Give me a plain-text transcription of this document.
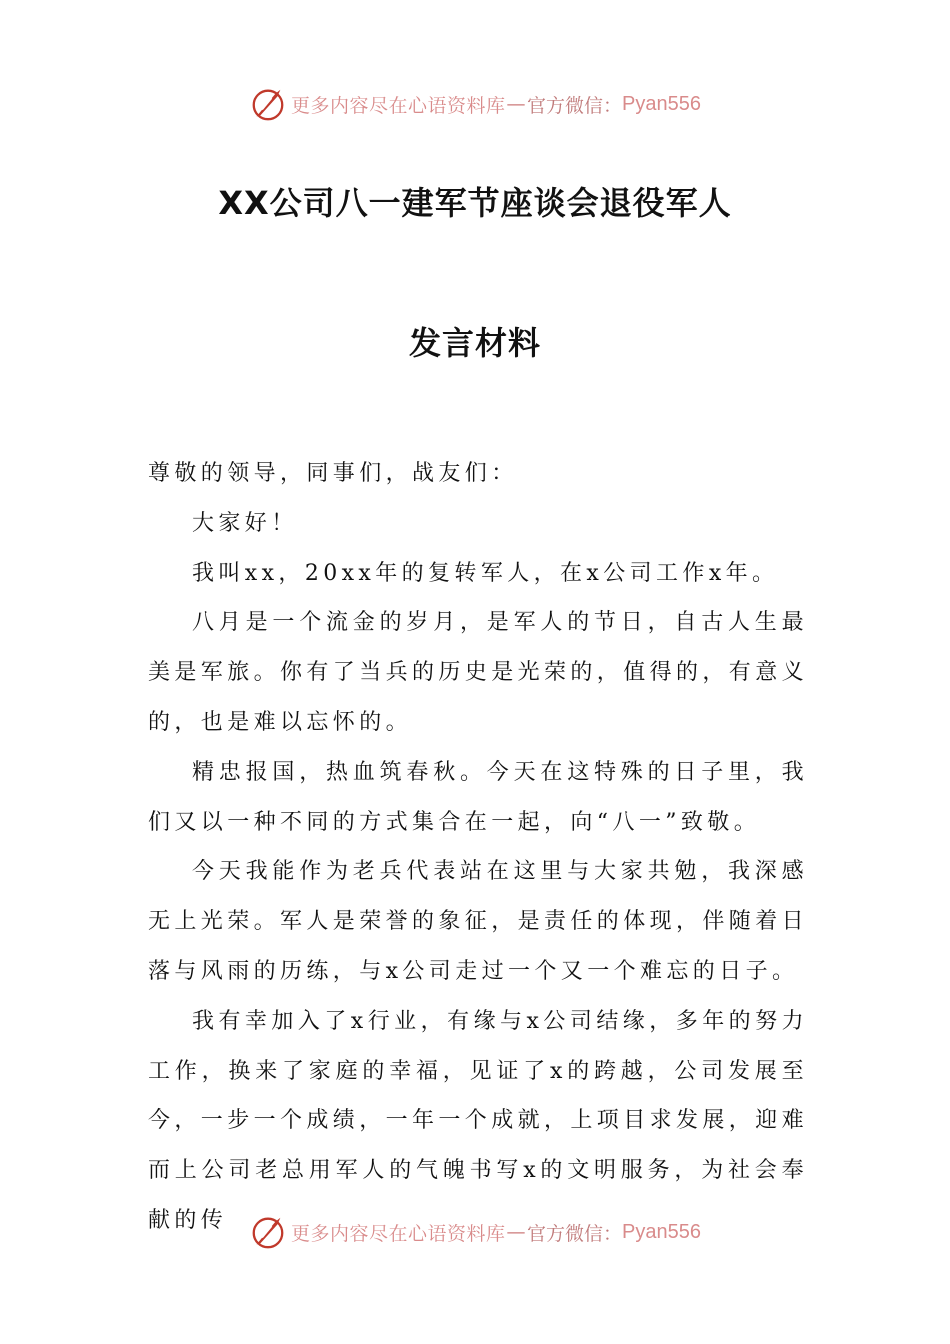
更多内容尽在心语资料库 — 官方微信： Pyan556
XX公司八一建军节座谈会退役军人
发言材料

尊敬的领导，同事们，战友们：

大家好！

我叫xx，20xx年的复转军人，在x公司工作x年。

八月是一个流金的岁月，是军人的节日，自古人生最美是军旅。你有了当兵的历史是光荣的，值得的，有意义的，也是难以忘怀的。

精忠报国，热血筑春秋。今天在这特殊的日子里，我们又以一种不同的方式集合在一起，向“八一”致敬。

今天我能作为老兵代表站在这里与大家共勉，我深感无上光荣。军人是荣誉的象征，是责任的体现，伴随着日落与风雨的历练，与x公司走过一个又一个难忘的日子。

我有幸加入了x行业，有缘与x公司结缘，多年的努力工作，换来了家庭的幸福，见证了x的跨越，公司发展至今，一步一个成绩，一年一个成就，上项目求发展，迎难而上公司老总用军人的气魄书写x的文明服务，为社会奉献的传

更多内容尽在心语资料库 — 官方微信： Pyan556
